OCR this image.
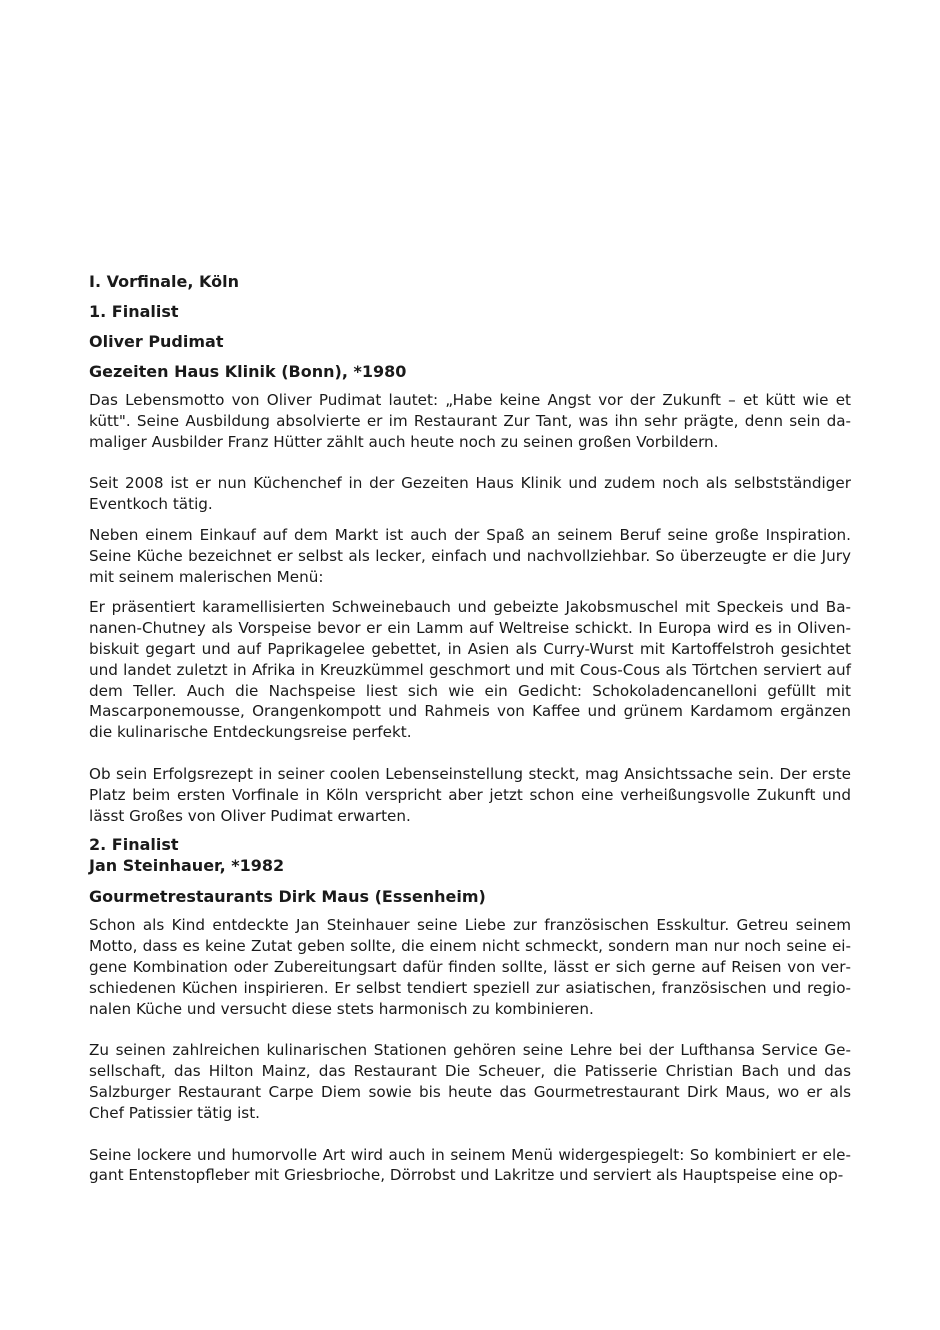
I. Vorfinale, Köln
1. Finalist
Oliver Pudimat
Gezeiten Haus Klinik (Bonn), *1980

Das Lebensmotto von Oliver Pudimat lautet: „Habe keine Angst vor der Zukunft – et kütt wie et kütt". Seine Ausbildung absolvierte er im Restaurant Zur Tant, was ihn sehr prägte, denn sein damaliger Ausbilder Franz Hütter zählt auch heute noch zu seinen großen Vorbildern.

Seit 2008 ist er nun Küchenchef in der Gezeiten Haus Klinik und zudem noch als selbstständiger Eventkoch tätig.

Neben einem Einkauf auf dem Markt ist auch der Spaß an seinem Beruf seine große Inspiration. Seine Küche bezeichnet er selbst als lecker, einfach und nachvollziehbar. So überzeugte er die Jury mit seinem malerischen Menü:

Er präsentiert karamellisierten Schweinebauch und gebeizte Jakobsmuschel mit Speckeis und Bananen-Chutney als Vorspeise bevor er ein Lamm auf Weltreise schickt. In Europa wird es in Olivenbiskuit gegart und auf Paprikagelee gebettet, in Asien als Curry-Wurst mit Kartoffelstroh gesichtet und landet zuletzt in Afrika in Kreuzkümmel geschmort und mit Cous-Cous als Törtchen serviert auf dem Teller. Auch die Nachspeise liest sich wie ein Gedicht: Schokoladencanelloni gefüllt mit Mascarponemousse, Orangenkompott und Rahmeis von Kaffee und grünem Kardamom ergänzen die kulinarische Entdeckungsreise perfekt.

Ob sein Erfolgsrezept in seiner coolen Lebenseinstellung steckt, mag Ansichtssache sein. Der erste Platz beim ersten Vorfinale in Köln verspricht aber jetzt schon eine verheißungsvolle Zukunft und lässt Großes von Oliver Pudimat erwarten.

2. Finalist
Jan Steinhauer, *1982
Gourmetrestaurants Dirk Maus (Essenheim)

Schon als Kind entdeckte Jan Steinhauer seine Liebe zur französischen Esskultur. Getreu seinem Motto, dass es keine Zutat geben sollte, die einem nicht schmeckt, sondern man nur noch seine eigene Kombination oder Zubereitungsart dafür finden sollte, lässt er sich gerne auf Reisen von verschiedenen Küchen inspirieren. Er selbst tendiert speziell zur asiatischen, französischen und regionalen Küche und versucht diese stets harmonisch zu kombinieren.

Zu seinen zahlreichen kulinarischen Stationen gehören seine Lehre bei der Lufthansa Service Gesellschaft, das Hilton Mainz, das Restaurant Die Scheuer, die Patisserie Christian Bach und das Salzburger Restaurant Carpe Diem sowie bis heute das Gourmetrestaurant Dirk Maus, wo er als Chef Patissier tätig ist.

Seine lockere und humorvolle Art wird auch in seinem Menü widergespiegelt: So kombiniert er elegant Entenstopfleber mit Griesbrioche, Dörrobst und Lakritze und serviert als Hauptspeise eine op-
